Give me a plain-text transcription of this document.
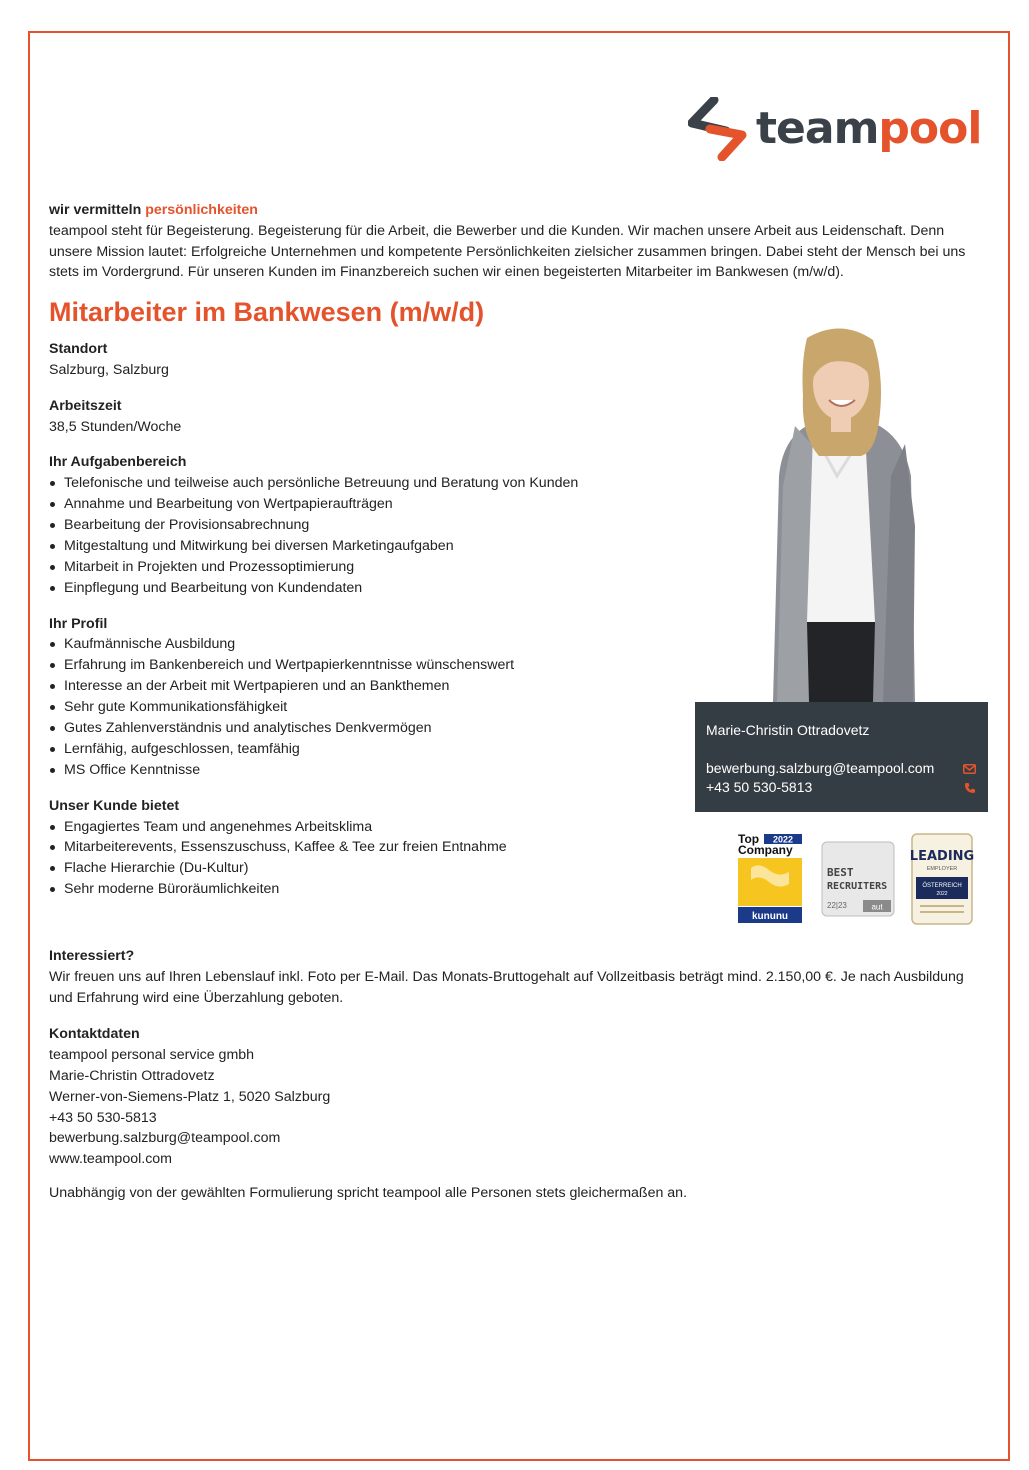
teampool
wir vermitteln persönlichkeiten

teampool steht für Begeisterung. Begeisterung für die Arbeit, die Bewerber und die Kunden. Wir machen unsere Arbeit aus Leidenschaft. Denn unsere Mission lautet: Erfolgreiche Unternehmen und kompetente Persönlichkeiten zielsicher zusammen bringen. Dabei steht der Mensch bei uns stets im Vordergrund. Für unseren Kunden im Finanzbereich suchen wir einen begeisterten Mitarbeiter im Bankwesen (m/w/d).

Mitarbeiter im Bankwesen (m/w/d)
Standort
Salzburg, Salzburg
Arbeitszeit
38,5 Stunden/Woche
Ihr Aufgabenbereich
Telefonische und teilweise auch persönliche Betreuung und Beratung von Kunden
Annahme und Bearbeitung von Wertpapieraufträgen
Bearbeitung der Provisionsabrechnung
Mitgestaltung und Mitwirkung bei diversen Marketingaufgaben
Mitarbeit in Projekten und Prozessoptimierung
Einpflegung und Bearbeitung von Kundendaten
Ihr Profil
Kaufmännische Ausbildung
Erfahrung im Bankenbereich und Wertpapierkenntnisse wünschenswert
Interesse an der Arbeit mit Wertpapieren und an Bankthemen
Sehr gute Kommunikationsfähigkeit
Gutes Zahlenverständnis und analytisches Denkvermögen
Lernfähig, aufgeschlossen, teamfähig
MS Office Kenntnisse
Unser Kunde bietet
Engagiertes Team und angenehmes Arbeitsklima
Mitarbeiterevents, Essenszuschuss, Kaffee & Tee zur freien Entnahme
Flache Hierarchie (Du-Kultur)
Sehr moderne Büroräumlichkeiten
Marie-Christin Ottradovetz
bewerbung.salzburg@teampool.com
+43 50 530-5813
Top 2022
Company
kununu
BEST
RECRUITERS
22|23	aut
LEADING
EMPLOYER
ÖSTERREICH
2022
Interessiert?

Wir freuen uns auf Ihren Lebenslauf inkl. Foto per E-Mail. Das Monats-Bruttogehalt auf Vollzeitbasis beträgt mind. 2.150,00 €. Je nach Ausbildung und Erfahrung wird eine Überzahlung geboten.

Kontaktdaten
teampool personal service gmbh
Marie-Christin Ottradovetz
Werner-von-Siemens-Platz 1, 5020 Salzburg
+43 50 530-5813
bewerbung.salzburg@teampool.com
www.teampool.com

Unabhängig von der gewählten Formulierung spricht teampool alle Personen stets gleichermaßen an.
